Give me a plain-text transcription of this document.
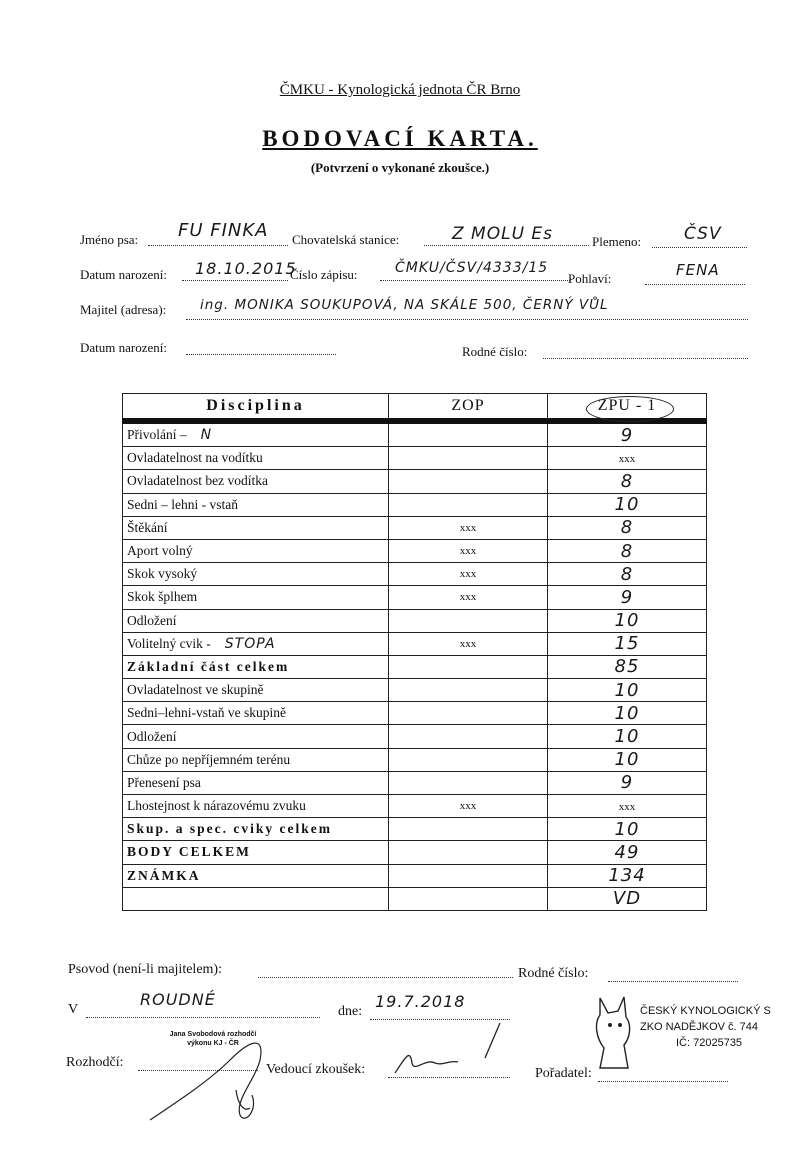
ČMKU - Kynologická jednota ČR Brno
BODOVACÍ KARTA.
(Potvrzení o vykonané zkoušce.)
Jméno psa: FU FINKA Chovatelská stanice:	Z MOLU Es	Plemeno:	ČSV
Datum narození: 18.10.2015
Číslo zápisu:	ČMKU/ČSV/4333/15
Pohlaví:	FENA
Majitel (adresa): ing. MONIKA SOUKUPOVÁ, NA SKÁLE 500, ČERNÝ VŮL
Datum narození:	Rodné číslo:
Disciplina	ZOP	ZPU - 1
Přivolání – N		9
Ovladatelnost na vodítku		xxx
Ovladatelnost bez vodítka		8
Sedni – lehni - vstaň		10
Štěkání	xxx	8
Aport volný	xxx	8
Skok vysoký	xxx	8
Skok šplhem	xxx	9
Odložení		10
Volitelný cvik - STOPA	xxx	15
Základní část celkem		85
Ovladatelnost ve skupině		10
Sedni–lehni-vstaň ve skupině		10
Odložení		10
Chůze po nepříjemném terénu		10
Přenesení psa		9
Lhostejnost k nárazovému zvuku	xxx	xxx
Skup. a spec. cviky celkem		10
BODY CELKEM		49
ZNÁMKA		134
		VD
Psovod (není-li majitelem):	Rodné číslo:
V
ROUDNÉ
dne:
19.7.2018
Rozhodčí:
Jana Svobodová rozhodčí výkonu KJ - ČR
Vedoucí zkoušek:	Pořadatel:
ČESKÝ KYNOLOGICKÝ S
ZKO NADĚJKOV č. 744
IČ: 72025735
